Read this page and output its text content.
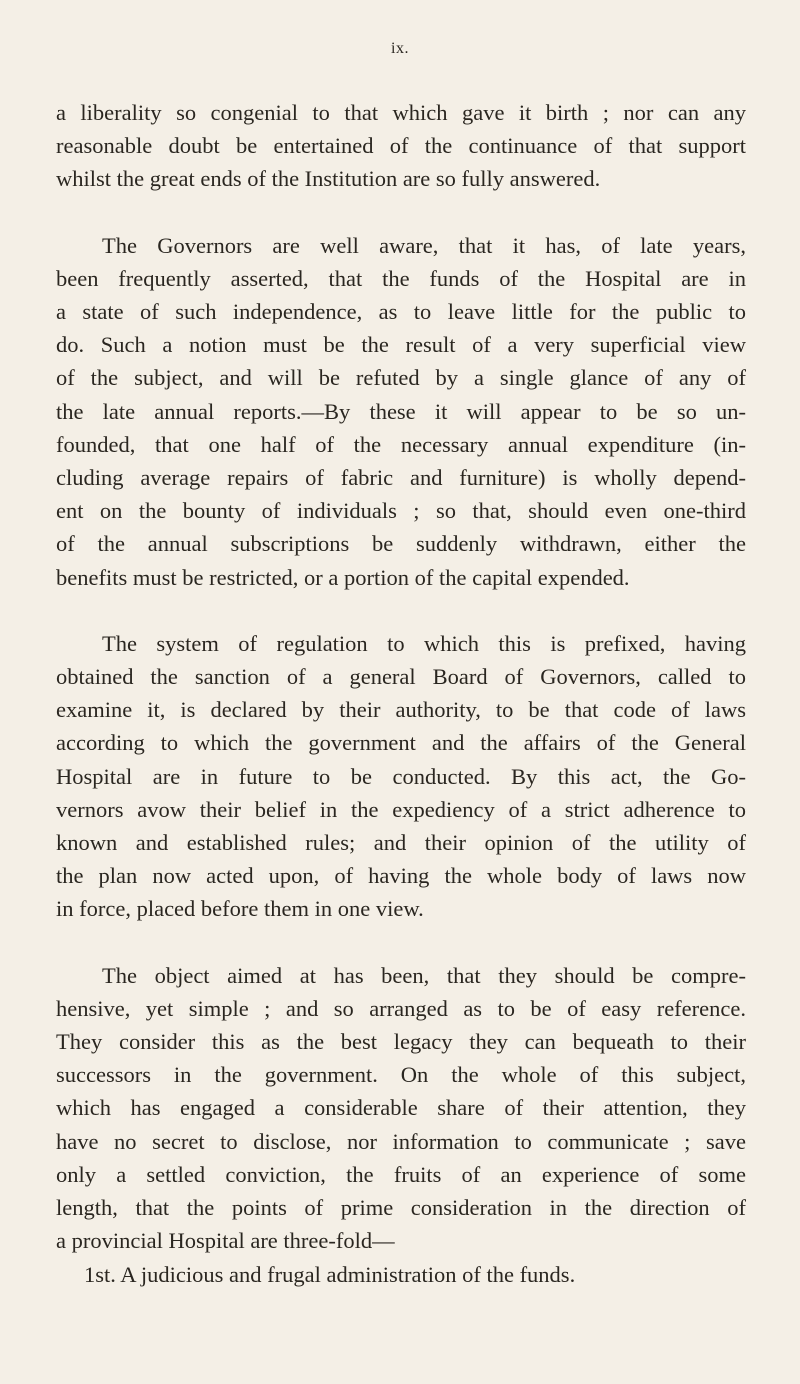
ix.
a liberality so congenial to that which gave it birth ; nor can any
reasonable doubt be entertained of the continuance of that support
whilst the great ends of the Institution are so fully answered.
The Governors are well aware, that it has, of late years,
been frequently asserted, that the funds of the Hospital are in
a state of such independence, as to leave little for the public to
do. Such a notion must be the result of a very superficial view
of the subject, and will be refuted by a single glance of any of
the late annual reports.—By these it will appear to be so un-
founded, that one half of the necessary annual expenditure (in-
cluding average repairs of fabric and furniture) is wholly depend-
ent on the bounty of individuals ; so that, should even one-third
of the annual subscriptions be suddenly withdrawn, either the
benefits must be restricted, or a portion of the capital expended.
The system of regulation to which this is prefixed, having
obtained the sanction of a general Board of Governors, called to
examine it, is declared by their authority, to be that code of laws
according to which the government and the affairs of the General
Hospital are in future to be conducted. By this act, the Go-
vernors avow their belief in the expediency of a strict adherence to
known and established rules; and their opinion of the utility of
the plan now acted upon, of having the whole body of laws now
in force, placed before them in one view.
The object aimed at has been, that they should be compre-
hensive, yet simple ; and so arranged as to be of easy reference.
They consider this as the best legacy they can bequeath to their
successors in the government. On the whole of this subject,
which has engaged a considerable share of their attention, they
have no secret to disclose, nor information to communicate ; save
only a settled conviction, the fruits of an experience of some
length, that the points of prime consideration in the direction of
a provincial Hospital are three-fold—
1st. A judicious and frugal administration of the funds.
